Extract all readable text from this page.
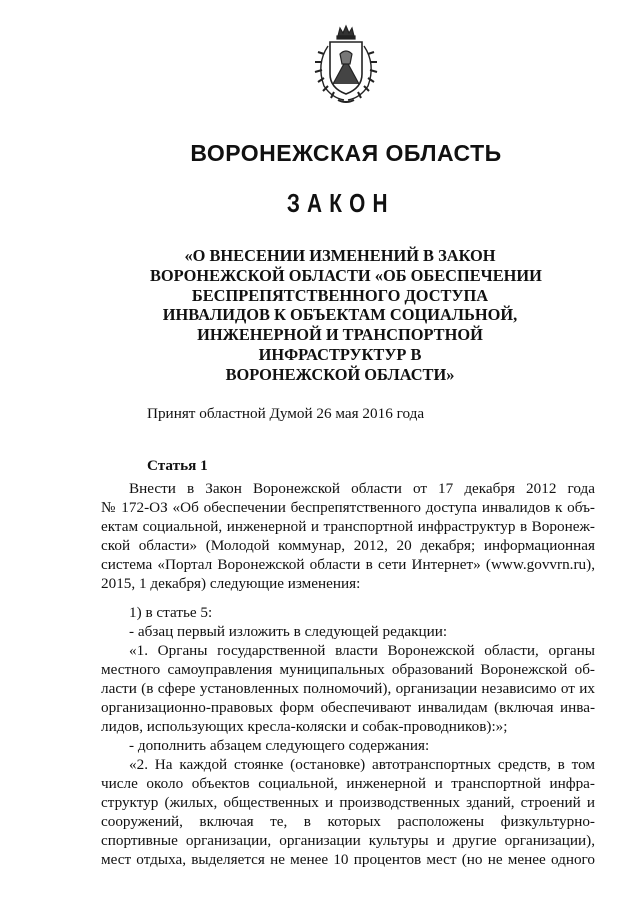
ВОРОНЕЖСКАЯ ОБЛАСТЬ
ЗАКОН
«О ВНЕСЕНИИ ИЗМЕНЕНИЙ В ЗАКОН
ВОРОНЕЖСКОЙ ОБЛАСТИ «ОБ ОБЕСПЕЧЕНИИ
БЕСПРЕПЯТСТВЕННОГО ДОСТУПА
ИНВАЛИДОВ К ОБЪЕКТАМ СОЦИАЛЬНОЙ,
ИНЖЕНЕРНОЙ И ТРАНСПОРТНОЙ
ИНФРАСТРУКТУР В
ВОРОНЕЖСКОЙ ОБЛАСТИ»
Принят областной Думой 26 мая 2016 года
Статья 1
Внести в Закон Воронежской области от 17 декабря 2012 года
№ 172-ОЗ «Об обеспечении беспрепятственного доступа инвалидов к объ-
ектам социальной, инженерной и транспортной инфраструктур в Воронеж-
ской области» (Молодой коммунар, 2012, 20 декабря; информационная
система «Портал Воронежской области в сети Интернет» (www.govvrn.ru),
2015, 1 декабря) следующие изменения:
1) в статье 5:
- абзац первый изложить в следующей редакции:
«1. Органы государственной власти Воронежской области, органы
местного самоуправления муниципальных образований Воронежской об-
ласти (в сфере установленных полномочий), организации независимо от их
организационно-правовых форм обеспечивают инвалидам (включая инва-
лидов, использующих кресла-коляски и собак-проводников):»;
- дополнить абзацем следующего содержания:
«2. На каждой стоянке (остановке) автотранспортных средств, в том
числе около объектов социальной, инженерной и транспортной инфра-
структур (жилых, общественных и производственных зданий, строений и
сооружений, включая те, в которых расположены физкультурно-
спортивные организации, организации культуры и другие организации),
мест отдыха, выделяется не менее 10 процентов мест (но не менее одного
